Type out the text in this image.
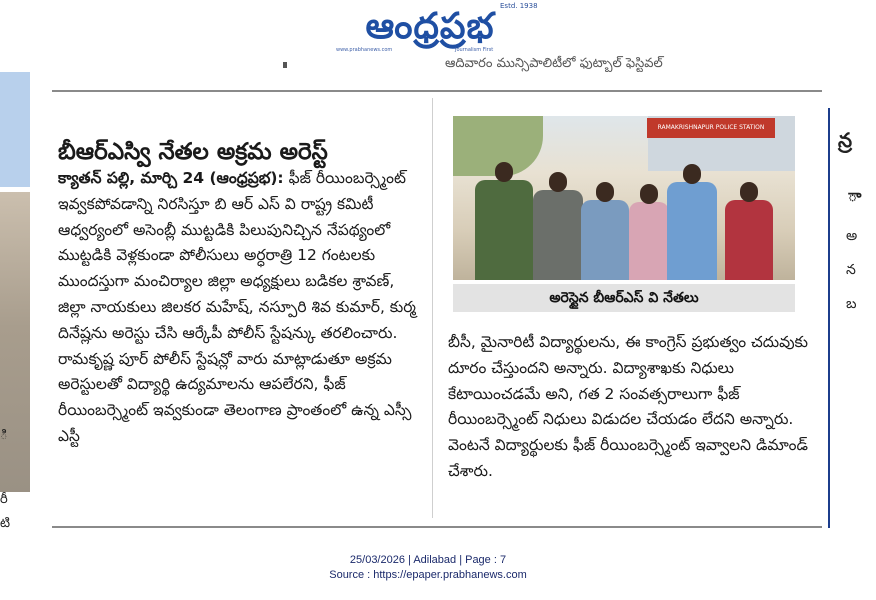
ఆంధ్రప్రభ Estd. 1938
www.prabhanews.com	Journalism First
ఆదివారం మున్సిపాలిటీలో ఫుట్బాల్ ఫెస్టివల్
ి
రీ
టి
న్ర
ా
అ
న
బ
బీఆర్ఎస్వి నేతల అక్రమ అరెస్ట్
క్యాతన్ పల్లి, మార్చి 24 (ఆంధ్రప్రభ): ఫీజ్ రీయింబర్స్మెంట్ ఇవ్వకపోవడాన్ని నిరసిస్తూ బి ఆర్ ఎస్ వి రాష్ట్ర కమిటీ ఆధ్వర్యంలో అసెంబ్లీ ముట్టడికి పిలుపునిచ్చిన నేపథ్యంలో ముట్టడికి వెళ్లకుండా పోలీసులు అర్ధరాత్రి 12 గంటలకు ముందస్తుగా మంచిర్యాల జిల్లా అధ్యక్షులు బడికల శ్రావణ్, జిల్లా నాయకులు జిలకర మహేష్, నస్పూరి శివ కుమార్, కుర్మ దినేష్లను అరెస్టు చేసి ఆర్కేపీ పోలీస్ స్టేషన్కు తరలించారు. రామకృష్ణ పూర్ పోలీస్ స్టేషన్లో వారు మాట్లాడుతూ అక్రమ అరెస్టులతో విద్యార్థి ఉద్యమాలను ఆపలేరని, ఫీజ్ రీయింబర్స్మెంట్ ఇవ్వకుండా తెలంగాణ ప్రాంతంలో ఉన్న ఎస్సీ ఎస్టీ
RAMAKRISHNAPUR POLICE STATION
అరెస్టైన బీఆర్ఎస్ వి నేతలు
బీసీ, మైనారిటీ విద్యార్థులను, ఈ కాంగ్రెస్ ప్రభుత్వం చదువుకు దూరం చేస్తుందని అన్నారు. విద్యాశాఖకు నిధులు కేటాయించడమే అని, గత 2 సంవత్సరాలుగా ఫీజ్ రీయింబర్స్మెంట్ నిధులు విడుదల చేయడం లేదని అన్నారు. వెంటనే విద్యార్థులకు ఫీజ్ రీయింబర్స్మెంట్ ఇవ్వాలని డిమాండ్ చేశారు.
25/03/2026 | Adilabad | Page : 7
Source : https://epaper.prabhanews.com
